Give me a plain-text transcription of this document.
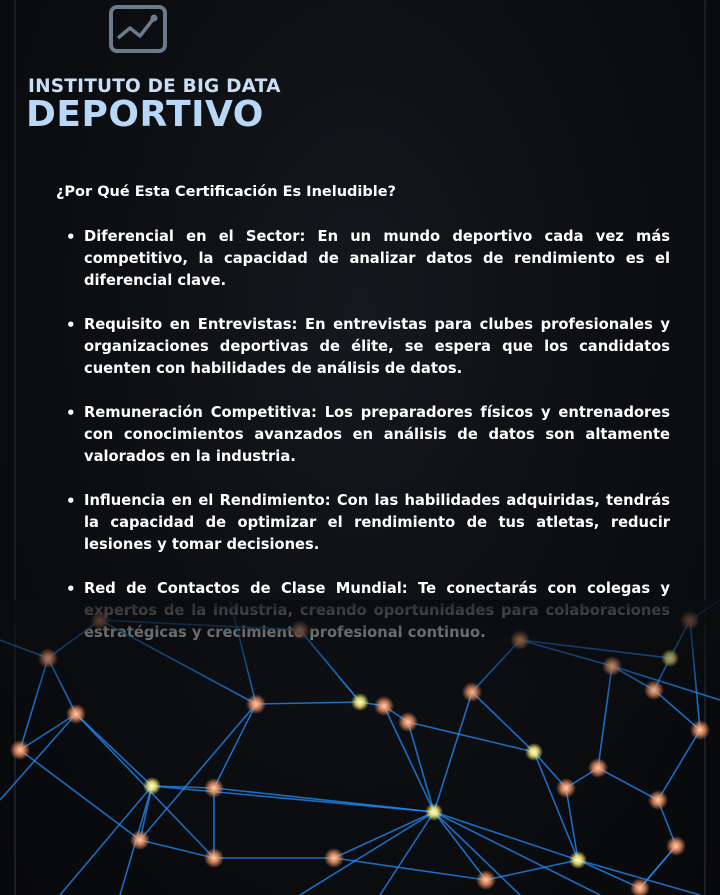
INSTITUTO DE BIG DATA
DEPORTIVO
¿Por Qué Esta Certificación Es Ineludible?
• Diferencial en el Sector: En un mundo deportivo cada vez más competitivo, la capacidad de analizar datos de rendimiento es el diferencial clave.
• Requisito en Entrevistas: En entrevistas para clubes profesionales y organizaciones deportivas de élite, se espera que los candidatos cuenten con habilidades de análisis de datos.
• Remuneración Competitiva: Los preparadores físicos y entrenadores con conocimientos avanzados en análisis de datos son altamente valorados en la industria.
• Influencia en el Rendimiento: Con las habilidades adquiridas, tendrás la capacidad de optimizar el rendimiento de tus atletas, reducir lesiones y tomar decisiones.
• Red de Contactos de Clase Mundial: Te conectarás con colegas y
